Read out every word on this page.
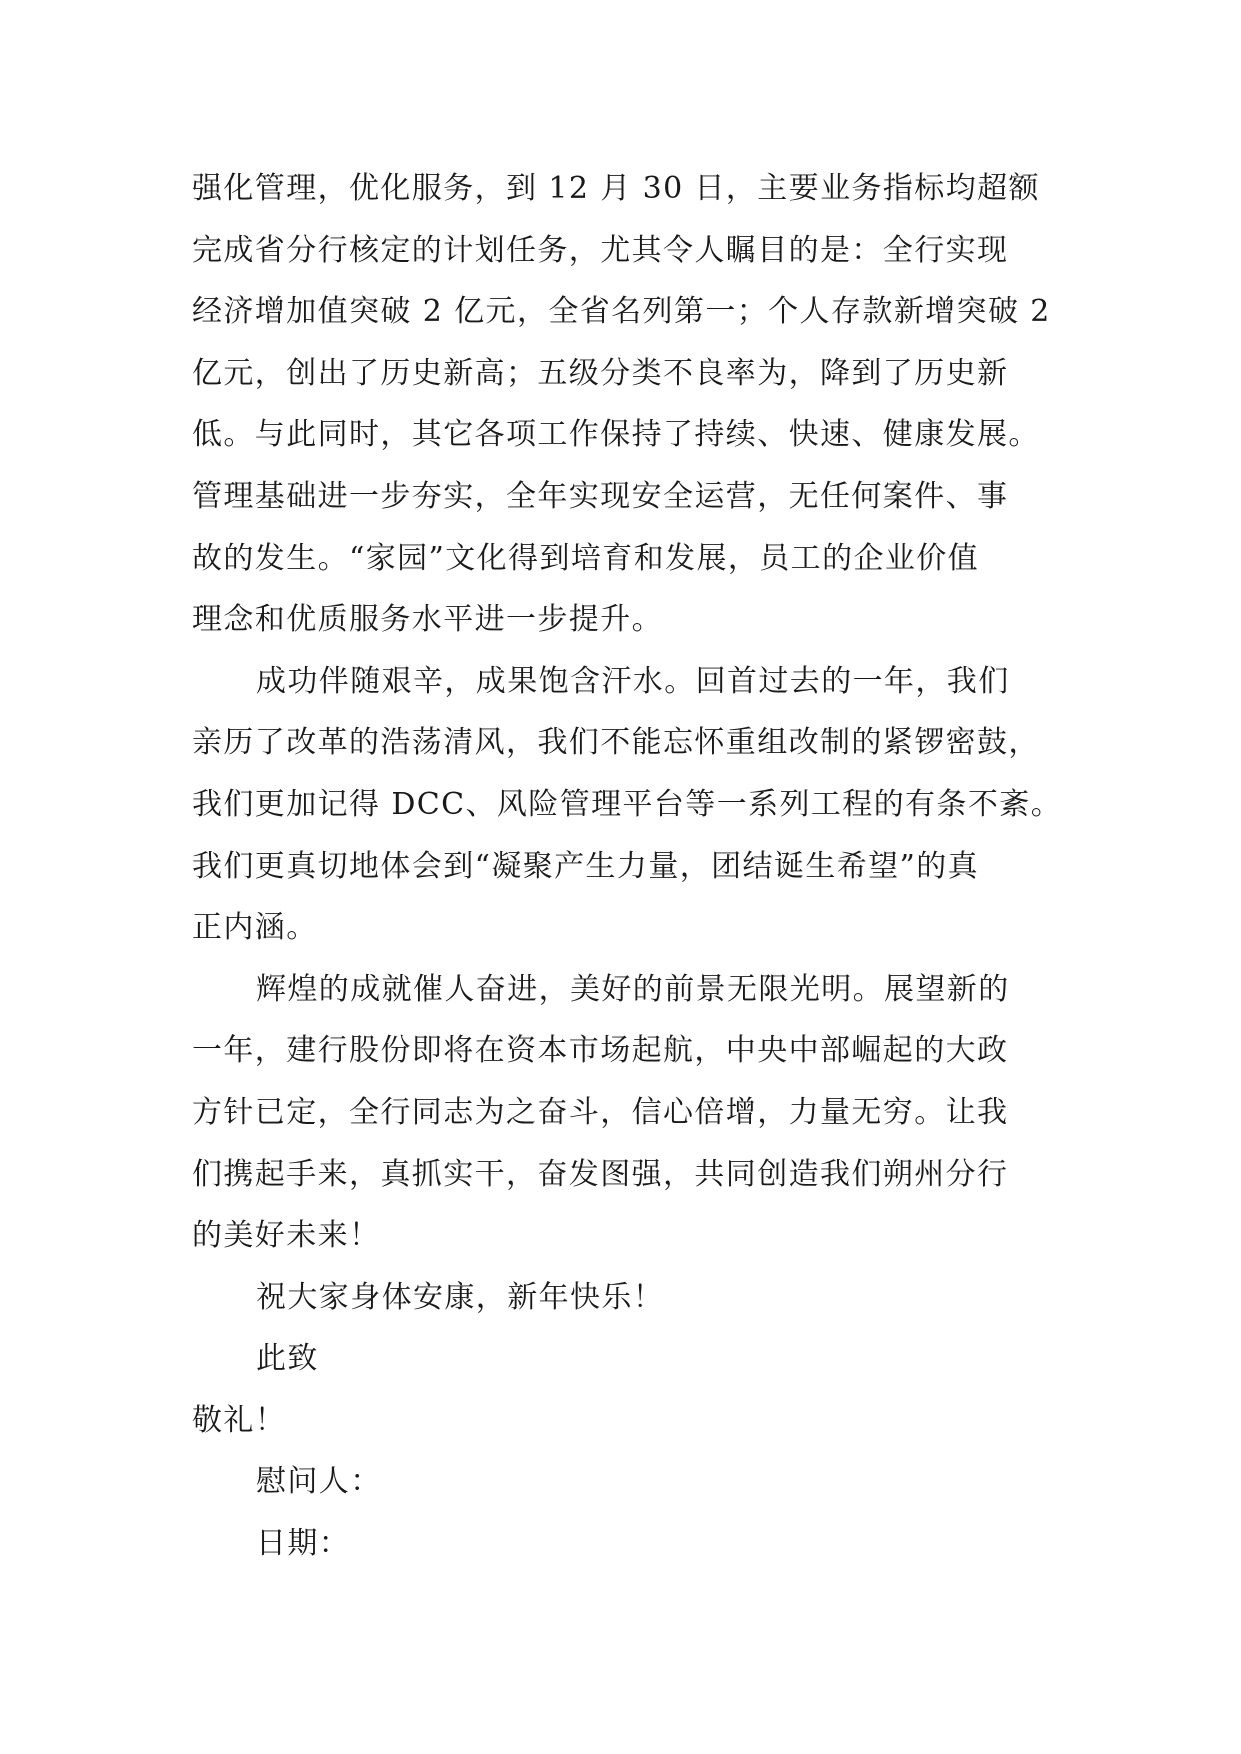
强化管理，优化服务，到 12 月 30 日，主要业务指标均超额
完成省分行核定的计划任务，尤其令人瞩目的是：全行实现
经济增加值突破 2 亿元，全省名列第一；个人存款新增突破 2
亿元，创出了历史新高；五级分类不良率为，降到了历史新
低。与此同时，其它各项工作保持了持续、快速、健康发展。
管理基础进一步夯实，全年实现安全运营，无任何案件、事
故的发生。“家园”文化得到培育和发展，员工的企业价值
理念和优质服务水平进一步提升。
成功伴随艰辛，成果饱含汗水。回首过去的一年，我们
亲历了改革的浩荡清风，我们不能忘怀重组改制的紧锣密鼓，
我们更加记得 DCC、风险管理平台等一系列工程的有条不紊。
我们更真切地体会到“凝聚产生力量，团结诞生希望”的真
正内涵。
辉煌的成就催人奋进，美好的前景无限光明。展望新的
一年，建行股份即将在资本市场起航，中央中部崛起的大政
方针已定，全行同志为之奋斗，信心倍增，力量无穷。让我
们携起手来，真抓实干，奋发图强，共同创造我们朔州分行
的美好未来！
祝大家身体安康，新年快乐！
此致
敬礼！
慰问人：
日期：
